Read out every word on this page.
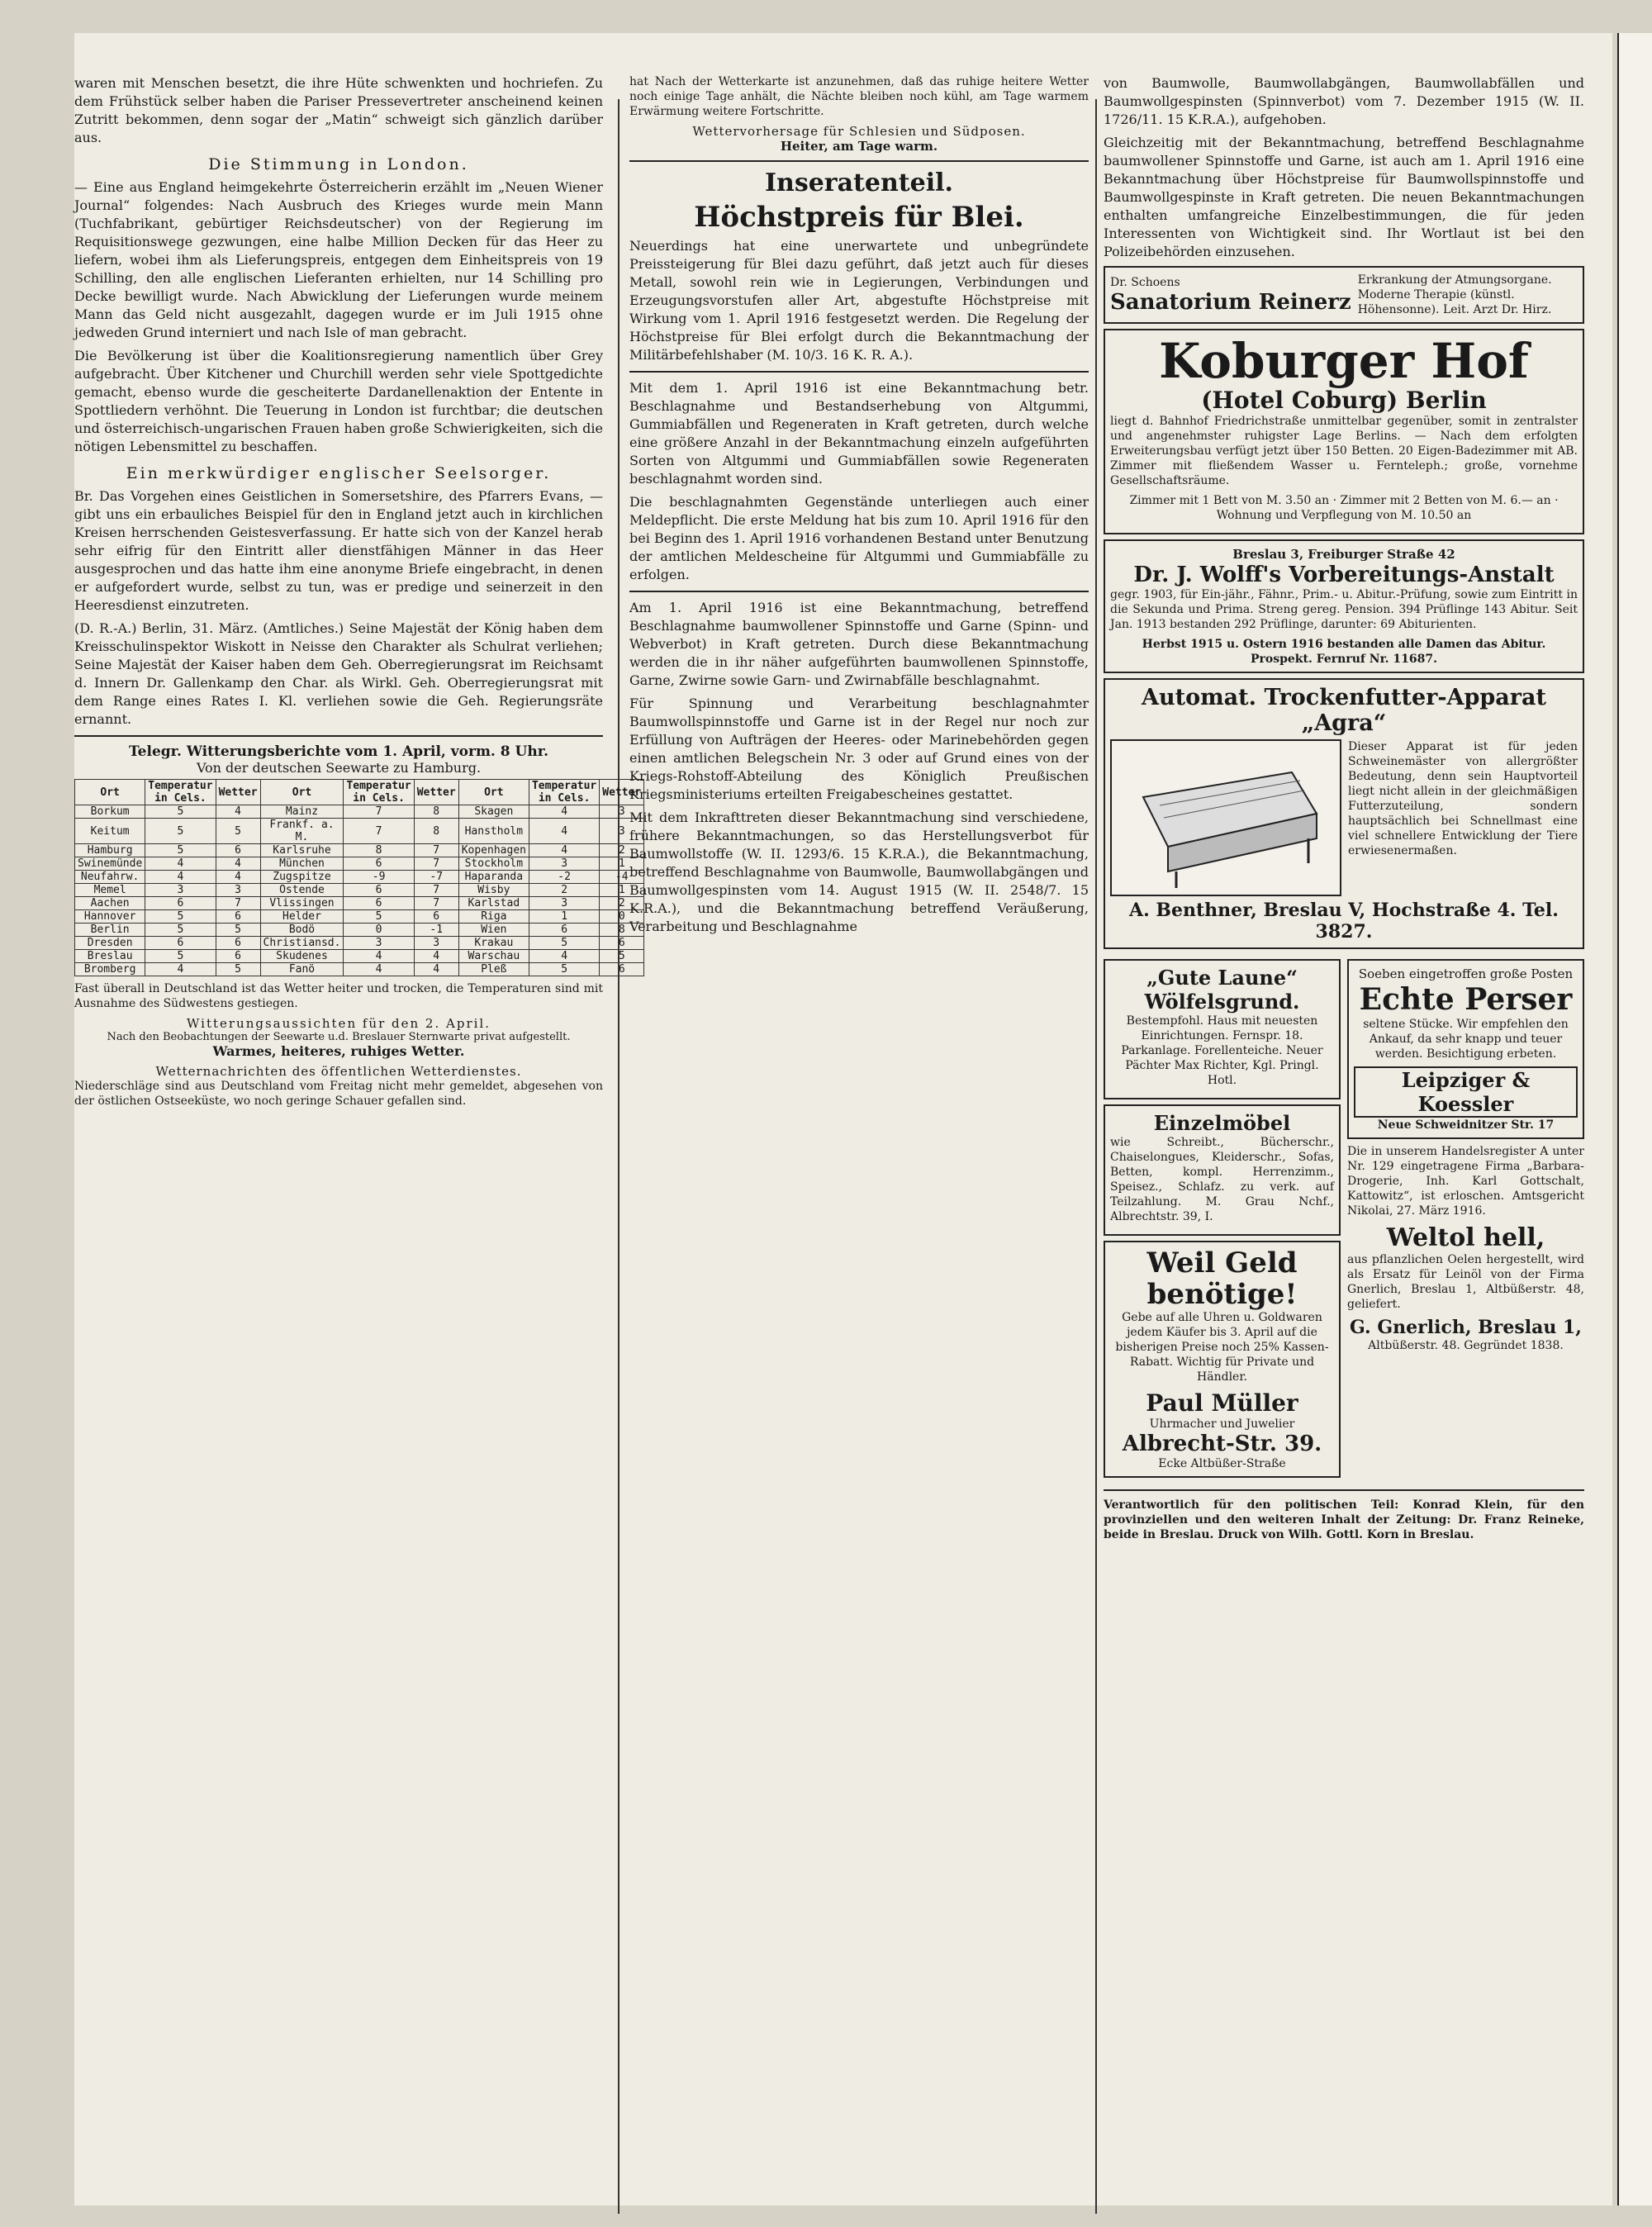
waren mit Menschen besetzt, die ihre Hüte schwenkten und hochriefen. Zu dem Frühstück selber haben die Pariser Pressevertreter anscheinend keinen Zutritt bekommen, denn sogar der „Matin“ schweigt sich gänzlich darüber aus.

Die Stimmung in London.

— Eine aus England heimgekehrte Österreicherin erzählt im „Neuen Wiener Journal“ folgendes: Nach Ausbruch des Krieges wurde mein Mann (Tuchfabrikant, gebürtiger Reichsdeutscher) von der Regierung im Requisitionswege gezwungen, eine halbe Million Decken für das Heer zu liefern, wobei ihm als Lieferungspreis, entgegen dem Einheitspreis von 19 Schilling, den alle englischen Lieferanten erhielten, nur 14 Schilling pro Decke bewilligt wurde. Nach Abwicklung der Lieferungen wurde meinem Mann das Geld nicht ausgezahlt, dagegen wurde er im Juli 1915 ohne jedweden Grund interniert und nach Isle of man gebracht.

Die Bevölkerung ist über die Koalitionsregierung namentlich über Grey aufgebracht. Über Kitchener und Churchill werden sehr viele Spottgedichte gemacht, ebenso wurde die gescheiterte Dardanellenaktion der Entente in Spottliedern verhöhnt. Die Teuerung in London ist furchtbar; die deutschen und österreichisch-ungarischen Frauen haben große Schwierigkeiten, sich die nötigen Lebensmittel zu beschaffen.

Ein merkwürdiger englischer Seelsorger.

Br. Das Vorgehen eines Geistlichen in Somersetshire, des Pfarrers Evans, — gibt uns ein erbauliches Beispiel für den in England jetzt auch in kirchlichen Kreisen herrschenden Geistesverfassung. Er hatte sich von der Kanzel herab sehr eifrig für den Eintritt aller dienstfähigen Männer in das Heer ausgesprochen und das hatte ihm eine anonyme Briefe eingebracht, in denen er aufgefordert wurde, selbst zu tun, was er predige und seinerzeit in den Heeresdienst einzutreten.

(D. R.-A.) Berlin, 31. März. (Amtliches.) Seine Majestät der König haben dem Kreisschulinspektor Wiskott in Neisse den Charakter als Schulrat verliehen; Seine Majestät der Kaiser haben dem Geh. Oberregierungsrat im Reichsamt d. Innern Dr. Gallenkamp den Char. als Wirkl. Geh. Oberregierungsrat mit dem Range eines Rates I. Kl. verliehen sowie die Geh. Regierungsräte ernannt.

Telegr. Witterungsberichte vom 1. April, vorm. 8 Uhr.
Von der deutschen Seewarte zu Hamburg.
Ort	Temperatur in Cels.	Wetter	Ort	Temperatur in Cels.	Wetter	Ort	Temperatur in Cels.	Wetter
Borkum	5	4	Mainz	7	8	Skagen	4	3
Keitum	5	5	Frankf. a. M.	7	8	Hanstholm	4	3
Hamburg	5	6	Karlsruhe	8	7	Kopenhagen	4	2
Swinemünde	4	4	München	6	7	Stockholm	3	1
Neufahrw.	4	4	Zugspitze	-9	-7	Haparanda	-2	-4
Memel	3	3	Ostende	6	7	Wisby	2	1
Aachen	6	7	Vlissingen	6	7	Karlstad	3	2
Hannover	5	6	Helder	5	6	Riga	1	0
Berlin	5	5	Bodö	0	-1	Wien	6	8
Dresden	6	6	Christiansd.	3	3	Krakau	5	6
Breslau	5	6	Skudenes	4	4	Warschau	4	5
Bromberg	4	5	Fanö	4	4	Pleß	5	6

Fast überall in Deutschland ist das Wetter heiter und trocken, die Temperaturen sind mit Ausnahme des Südwestens gestiegen.

Witterungsaussichten für den 2. April.
Nach den Beobachtungen der Seewarte u.d. Breslauer Sternwarte privat aufgestellt.
Warmes, heiteres, ruhiges Wetter.
Wetternachrichten des öffentlichen Wetterdienstes.

Niederschläge sind aus Deutschland vom Freitag nicht mehr gemeldet, abgesehen von der östlichen Ostseeküste, wo noch geringe Schauer gefallen sind.

hat Nach der Wetterkarte ist anzunehmen, daß das ruhige heitere Wetter noch einige Tage anhält, die Nächte bleiben noch kühl, am Tage warmem Erwärmung weitere Fortschritte.

Wettervorhersage für Schlesien und Südposen.
Heiter, am Tage warm.
Inseratenteil.
Höchstpreis für Blei.

Neuerdings hat eine unerwartete und unbegründete Preissteigerung für Blei dazu geführt, daß jetzt auch für dieses Metall, sowohl rein wie in Legierungen, Verbindungen und Erzeugungsvorstufen aller Art, abgestufte Höchstpreise mit Wirkung vom 1. April 1916 festgesetzt werden. Die Regelung der Höchstpreise für Blei erfolgt durch die Bekanntmachung der Militärbefehlshaber (M. 10/3. 16 K. R. A.).

Mit dem 1. April 1916 ist eine Bekanntmachung betr. Beschlagnahme und Bestandserhebung von Altgummi, Gummiabfällen und Regeneraten in Kraft getreten, durch welche eine größere Anzahl in der Bekanntmachung einzeln aufgeführten Sorten von Altgummi und Gummiabfällen sowie Regeneraten beschlagnahmt worden sind.

Die beschlagnahmten Gegenstände unterliegen auch einer Meldepflicht. Die erste Meldung hat bis zum 10. April 1916 für den bei Beginn des 1. April 1916 vorhandenen Bestand unter Benutzung der amtlichen Meldescheine für Altgummi und Gummiabfälle zu erfolgen.

Am 1. April 1916 ist eine Bekanntmachung, betreffend Beschlagnahme baumwollener Spinnstoffe und Garne (Spinn- und Webverbot) in Kraft getreten. Durch diese Bekanntmachung werden die in ihr näher aufgeführten baumwollenen Spinnstoffe, Garne, Zwirne sowie Garn- und Zwirnabfälle beschlagnahmt.

Für Spinnung und Verarbeitung beschlagnahmter Baumwollspinnstoffe und Garne ist in der Regel nur noch zur Erfüllung von Aufträgen der Heeres- oder Marinebehörden gegen einen amtlichen Belegschein Nr. 3 oder auf Grund eines von der Kriegs-Rohstoff-Abteilung des Königlich Preußischen Kriegsministeriums erteilten Freigabescheines gestattet.

Mit dem Inkrafttreten dieser Bekanntmachung sind verschiedene, frühere Bekanntmachungen, so das Herstellungsverbot für Baumwollstoffe (W. II. 1293/6. 15 K.R.A.), die Bekanntmachung, betreffend Beschlagnahme von Baumwolle, Baumwollabgängen und Baumwollgespinsten vom 14. August 1915 (W. II. 2548/7. 15 K.R.A.), und die Bekanntmachung betreffend Veräußerung, Verarbeitung und Beschlagnahme

von Baumwolle, Baumwollabgängen, Baumwollabfällen und Baumwollgespinsten (Spinnverbot) vom 7. Dezember 1915 (W. II. 1726/11. 15 K.R.A.), aufgehoben.

Gleichzeitig mit der Bekanntmachung, betreffend Beschlagnahme baumwollener Spinnstoffe und Garne, ist auch am 1. April 1916 eine Bekanntmachung über Höchstpreise für Baumwollspinnstoffe und Baumwollgespinste in Kraft getreten. Die neuen Bekanntmachungen enthalten umfangreiche Einzelbestimmungen, die für jeden Interessenten von Wichtigkeit sind. Ihr Wortlaut ist bei den Polizeibehörden einzusehen.

Dr. Schoens
Sanatorium Reinerz
Erkrankung der Atmungsorgane. Moderne Therapie (künstl. Höhensonne). Leit. Arzt Dr. Hirz.
Koburger Hof
(Hotel Coburg) Berlin

liegt d. Bahnhof Friedrichstraße unmittelbar gegenüber, somit in zentralster und angenehmster ruhigster Lage Berlins. — Nach dem erfolgten Erweiterungsbau verfügt jetzt über 150 Betten. 20 Eigen-Badezimmer mit AB. Zimmer mit fließendem Wasser u. Fernteleph.; große, vornehme Gesellschaftsräume.

Zimmer mit 1 Bett von M. 3.50 an · Zimmer mit 2 Betten von M. 6.— an · Wohnung und Verpflegung von M. 10.50 an

Breslau 3, Freiburger Straße 42
Dr. J. Wolff's Vorbereitungs-Anstalt

gegr. 1903, für Ein-jähr., Fähnr., Prim.- u. Abitur.-Prüfung, sowie zum Eintritt in die Sekunda und Prima. Streng gereg. Pension. 394 Prüflinge 143 Abitur. Seit Jan. 1913 bestanden 292 Prüflinge, darunter: 69 Abiturienten.

Herbst 1915 u. Ostern 1916 bestanden alle Damen das Abitur. Prospekt. Fernruf Nr. 11687.
Automat. Trockenfutter-Apparat „Agra“

Dieser Apparat ist für jeden Schweinemäster von allergrößter Bedeutung, denn sein Hauptvorteil liegt nicht allein in der gleichmäßigen Futterzuteilung, sondern hauptsächlich bei Schnellmast eine viel schnellere Entwicklung der Tiere erwiesenermaßen.

A. Benthner, Breslau V, Hochstraße 4. Tel. 3827.
„Gute Laune“ Wölfelsgrund.

Bestempfohl. Haus mit neuesten Einrichtungen. Fernspr. 18. Parkanlage. Forellenteiche. Neuer Pächter Max Richter, Kgl. Pringl. Hotl.

Einzelmöbel

wie Schreibt., Bücherschr., Chaiselongues, Kleiderschr., Sofas, Betten, kompl. Herrenzimm., Speisez., Schlafz. zu verk. auf Teilzahlung. M. Grau Nchf., Albrechtstr. 39, I.

Weil Geld benötige!

Gebe auf alle Uhren u. Goldwaren jedem Käufer bis 3. April auf die bisherigen Preise noch 25% Kassen-Rabatt. Wichtig für Private und Händler.

Paul Müller
Uhrmacher und Juwelier
Albrecht-Str. 39.
Ecke Altbüßer-Straße
Soeben eingetroffen große Posten
Echte Perser

seltene Stücke. Wir empfehlen den Ankauf, da sehr knapp und teuer werden. Besichtigung erbeten.

Leipziger & Koessler
Neue Schweidnitzer Str. 17

Die in unserem Handelsregister A unter Nr. 129 eingetragene Firma „Barbara-Drogerie, Inh. Karl Gottschalt, Kattowitz“, ist erloschen. Amtsgericht Nikolai, 27. März 1916.

Weltol hell,

aus pflanzlichen Oelen hergestellt, wird als Ersatz für Leinöl von der Firma Gnerlich, Breslau 1, Altbüßerstr. 48, geliefert.

G. Gnerlich, Breslau 1,
Altbüßerstr. 48. Gegründet 1838.

Verantwortlich für den politischen Teil: Konrad Klein, für den provinziellen und den weiteren Inhalt der Zeitung: Dr. Franz Reineke, beide in Breslau. Druck von Wilh. Gottl. Korn in Breslau.
